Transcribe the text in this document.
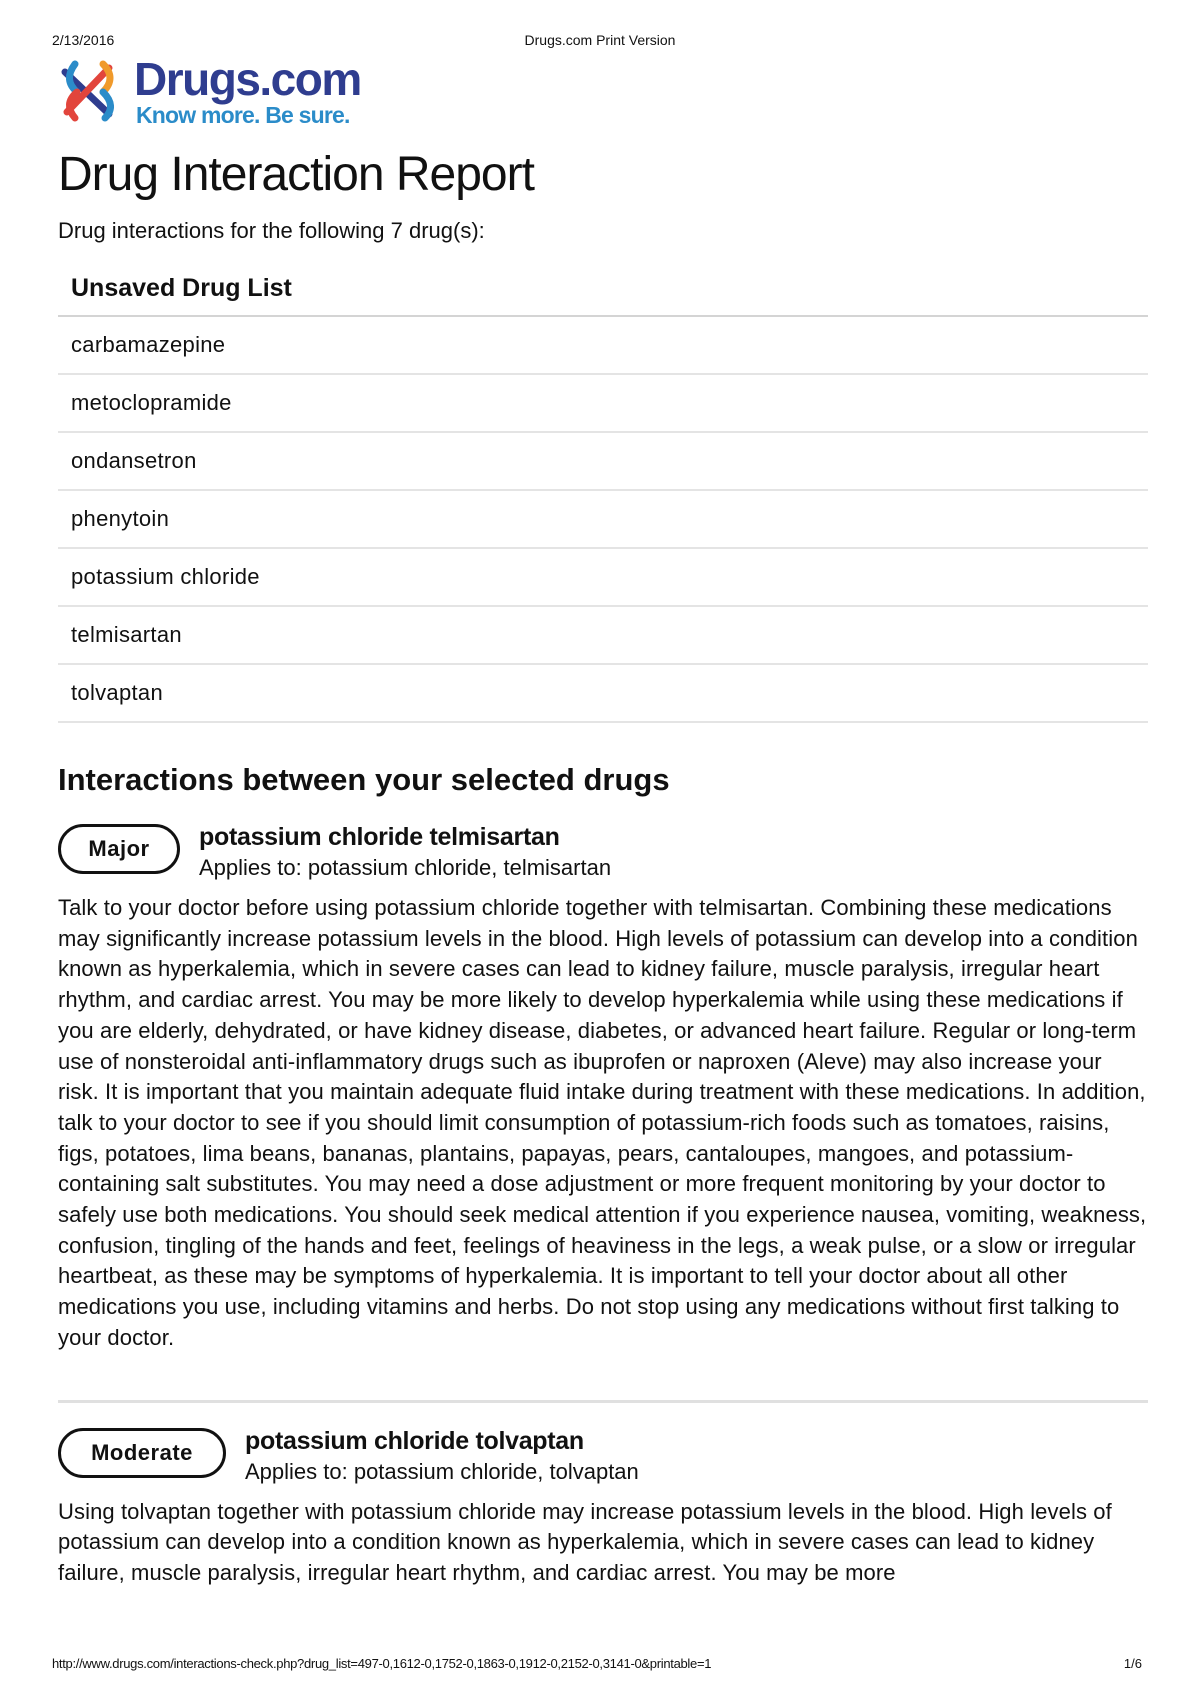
2/13/2016	Drugs.com Print Version
Drugs.com
Know more. Be sure.
Drug Interaction Report
Drug interactions for the following 7 drug(s):
Unsaved Drug List
carbamazepine
metoclopramide
ondansetron
phenytoin
potassium chloride
telmisartan
tolvaptan
Interactions between your selected drugs
Major	potassium chloride telmisartan
Applies to: potassium chloride, telmisartan
Talk to your doctor before using potassium chloride together with telmisartan. Combining these medications may significantly increase potassium levels in the blood. High levels of potassium can develop into a condition known as hyperkalemia, which in severe cases can lead to kidney failure, muscle paralysis, irregular heart rhythm, and cardiac arrest. You may be more likely to develop hyperkalemia while using these medications if you are elderly, dehydrated, or have kidney disease, diabetes, or advanced heart failure. Regular or long-term use of nonsteroidal anti-inflammatory drugs such as ibuprofen or naproxen (Aleve) may also increase your risk. It is important that you maintain adequate fluid intake during treatment with these medications. In addition, talk to your doctor to see if you should limit consumption of potassium-rich foods such as tomatoes, raisins, figs, potatoes, lima beans, bananas, plantains, papayas, pears, cantaloupes, mangoes, and potassium-containing salt substitutes. You may need a dose adjustment or more frequent monitoring by your doctor to safely use both medications. You should seek medical attention if you experience nausea, vomiting, weakness, confusion, tingling of the hands and feet, feelings of heaviness in the legs, a weak pulse, or a slow or irregular heartbeat, as these may be symptoms of hyperkalemia. It is important to tell your doctor about all other medications you use, including vitamins and herbs. Do not stop using any medications without first talking to your doctor.
Moderate	potassium chloride tolvaptan
Applies to: potassium chloride, tolvaptan
Using tolvaptan together with potassium chloride may increase potassium levels in the blood. High levels of potassium can develop into a condition known as hyperkalemia, which in severe cases can lead to kidney failure, muscle paralysis, irregular heart rhythm, and cardiac arrest. You may be more
http://www.drugs.com/interactions-check.php?drug_list=497-0,1612-0,1752-0,1863-0,1912-0,2152-0,3141-0&printable=1	1/6
